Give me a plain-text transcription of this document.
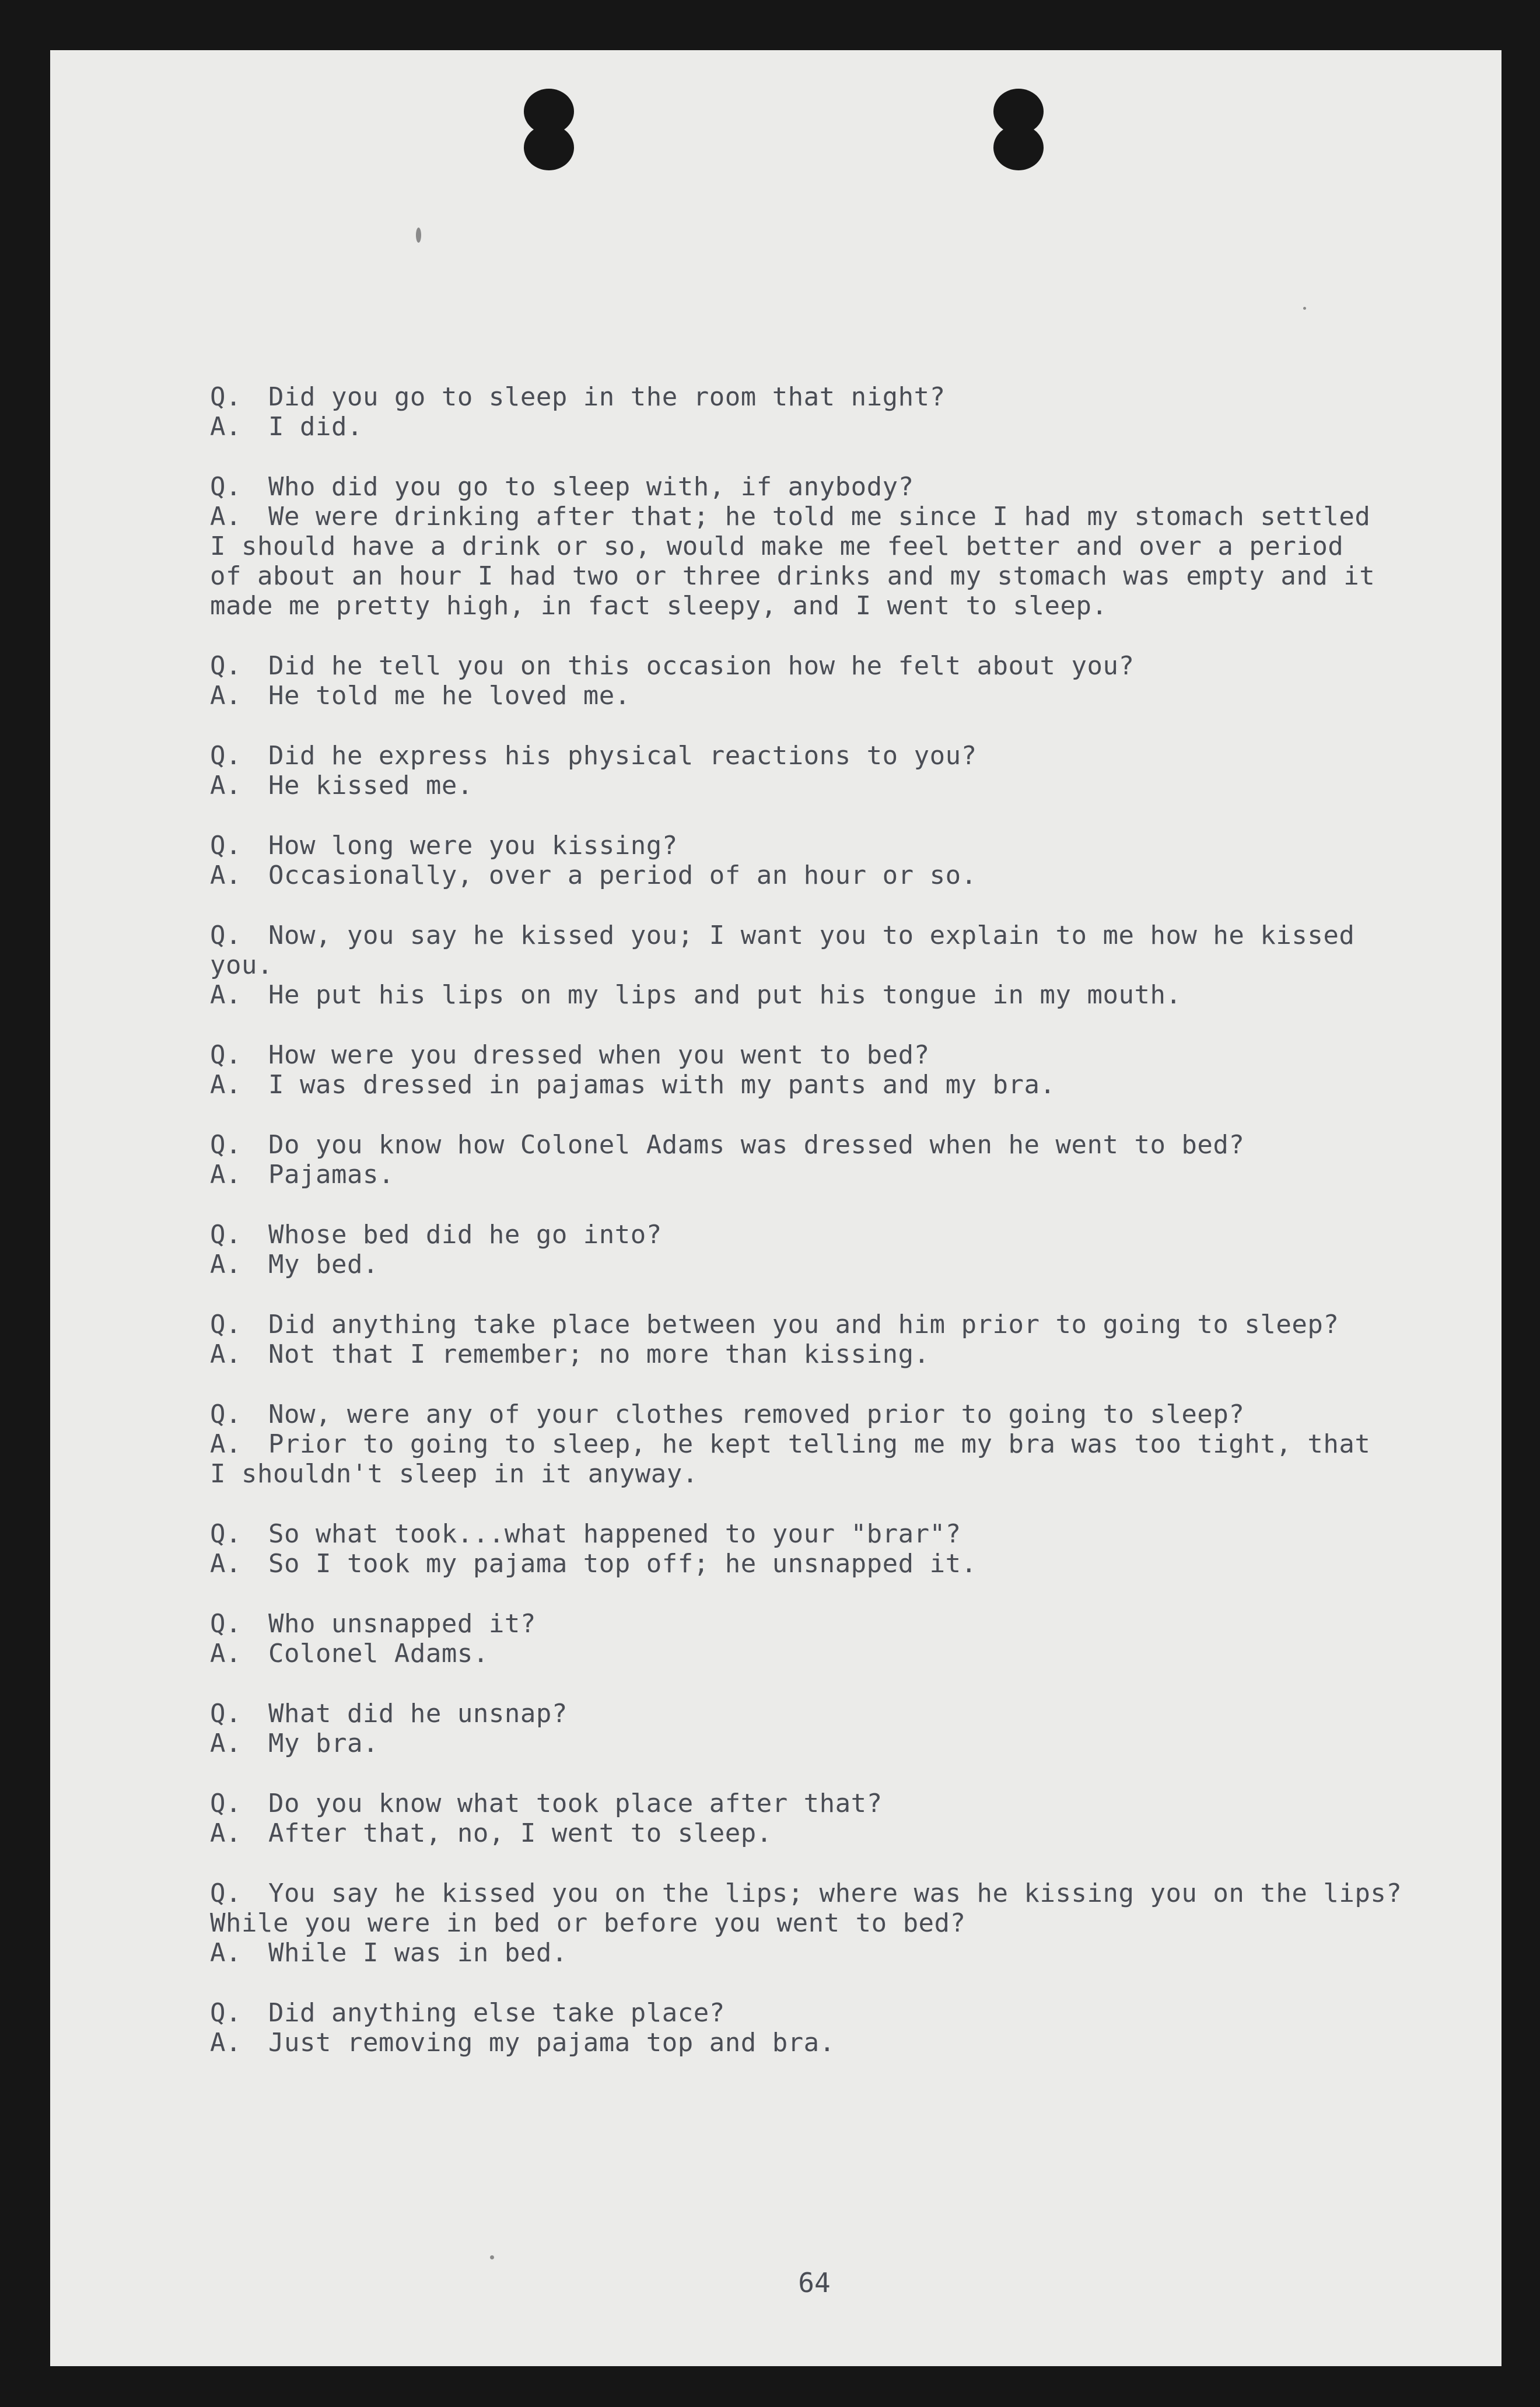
Q. Did you go to sleep in the room that night?
A. I did.
Q. Who did you go to sleep with, if anybody?
A. We were drinking after that; he told me since I had my stomach settled
I should have a drink or so, would make me feel better and over a period
of about an hour I had two or three drinks and my stomach was empty and it
made me pretty high, in fact sleepy, and I went to sleep.
Q. Did he tell you on this occasion how he felt about you?
A. He told me he loved me.
Q. Did he express his physical reactions to you?
A. He kissed me.
Q. How long were you kissing?
A. Occasionally, over a period of an hour or so.
Q. Now, you say he kissed you; I want you to explain to me how he kissed
you.
A. He put his lips on my lips and put his tongue in my mouth.
Q. How were you dressed when you went to bed?
A. I was dressed in pajamas with my pants and my bra.
Q. Do you know how Colonel Adams was dressed when he went to bed?
A. Pajamas.
Q. Whose bed did he go into?
A. My bed.
Q. Did anything take place between you and him prior to going to sleep?
A. Not that I remember; no more than kissing.
Q. Now, were any of your clothes removed prior to going to sleep?
A. Prior to going to sleep, he kept telling me my bra was too tight, that
I shouldn't sleep in it anyway.
Q. So what took...what happened to your "brar"?
A. So I took my pajama top off; he unsnapped it.
Q. Who unsnapped it?
A. Colonel Adams.
Q. What did he unsnap?
A. My bra.
Q. Do you know what took place after that?
A. After that, no, I went to sleep.
Q. You say he kissed you on the lips; where was he kissing you on the lips?
While you were in bed or before you went to bed?
A. While I was in bed.
Q. Did anything else take place?
A. Just removing my pajama top and bra.
64
